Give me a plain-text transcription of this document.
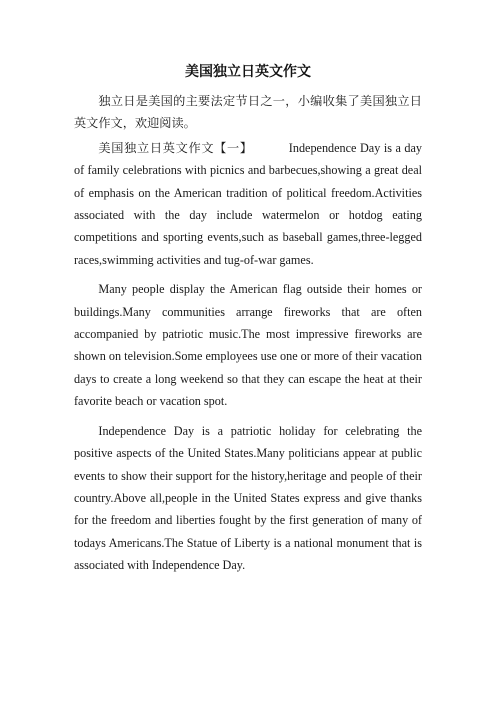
美国独立日英文作文

独立日是美国的主要法定节日之一，小编收集了美国独立日英文作文，欢迎阅读。

美国独立日英文作文【一】	Independence Day is a day of family celebrations with picnics and barbecues,showing a great deal of emphasis on the American tradition of political freedom.Activities associated with the day include watermelon or hotdog eating competitions and sporting events,such as baseball games,three-legged races,swimming activities and tug-of-war games.

Many people display the American flag outside their homes or buildings.Many communities arrange fireworks that are often accompanied by patriotic music.The most impressive fireworks are shown on television.Some employees use one or more of their vacation days to create a long weekend so that they can escape the heat at their favorite beach or vacation spot.

Independence Day is a patriotic holiday for celebrating the positive aspects of the United States.Many politicians appear at public events to show their support for the history,heritage and people of their country.Above all,people in the United States express and give thanks for the freedom and liberties fought by the first generation of many of todays Americans.The Statue of Liberty is a national monument that is associated with Independence Day.
